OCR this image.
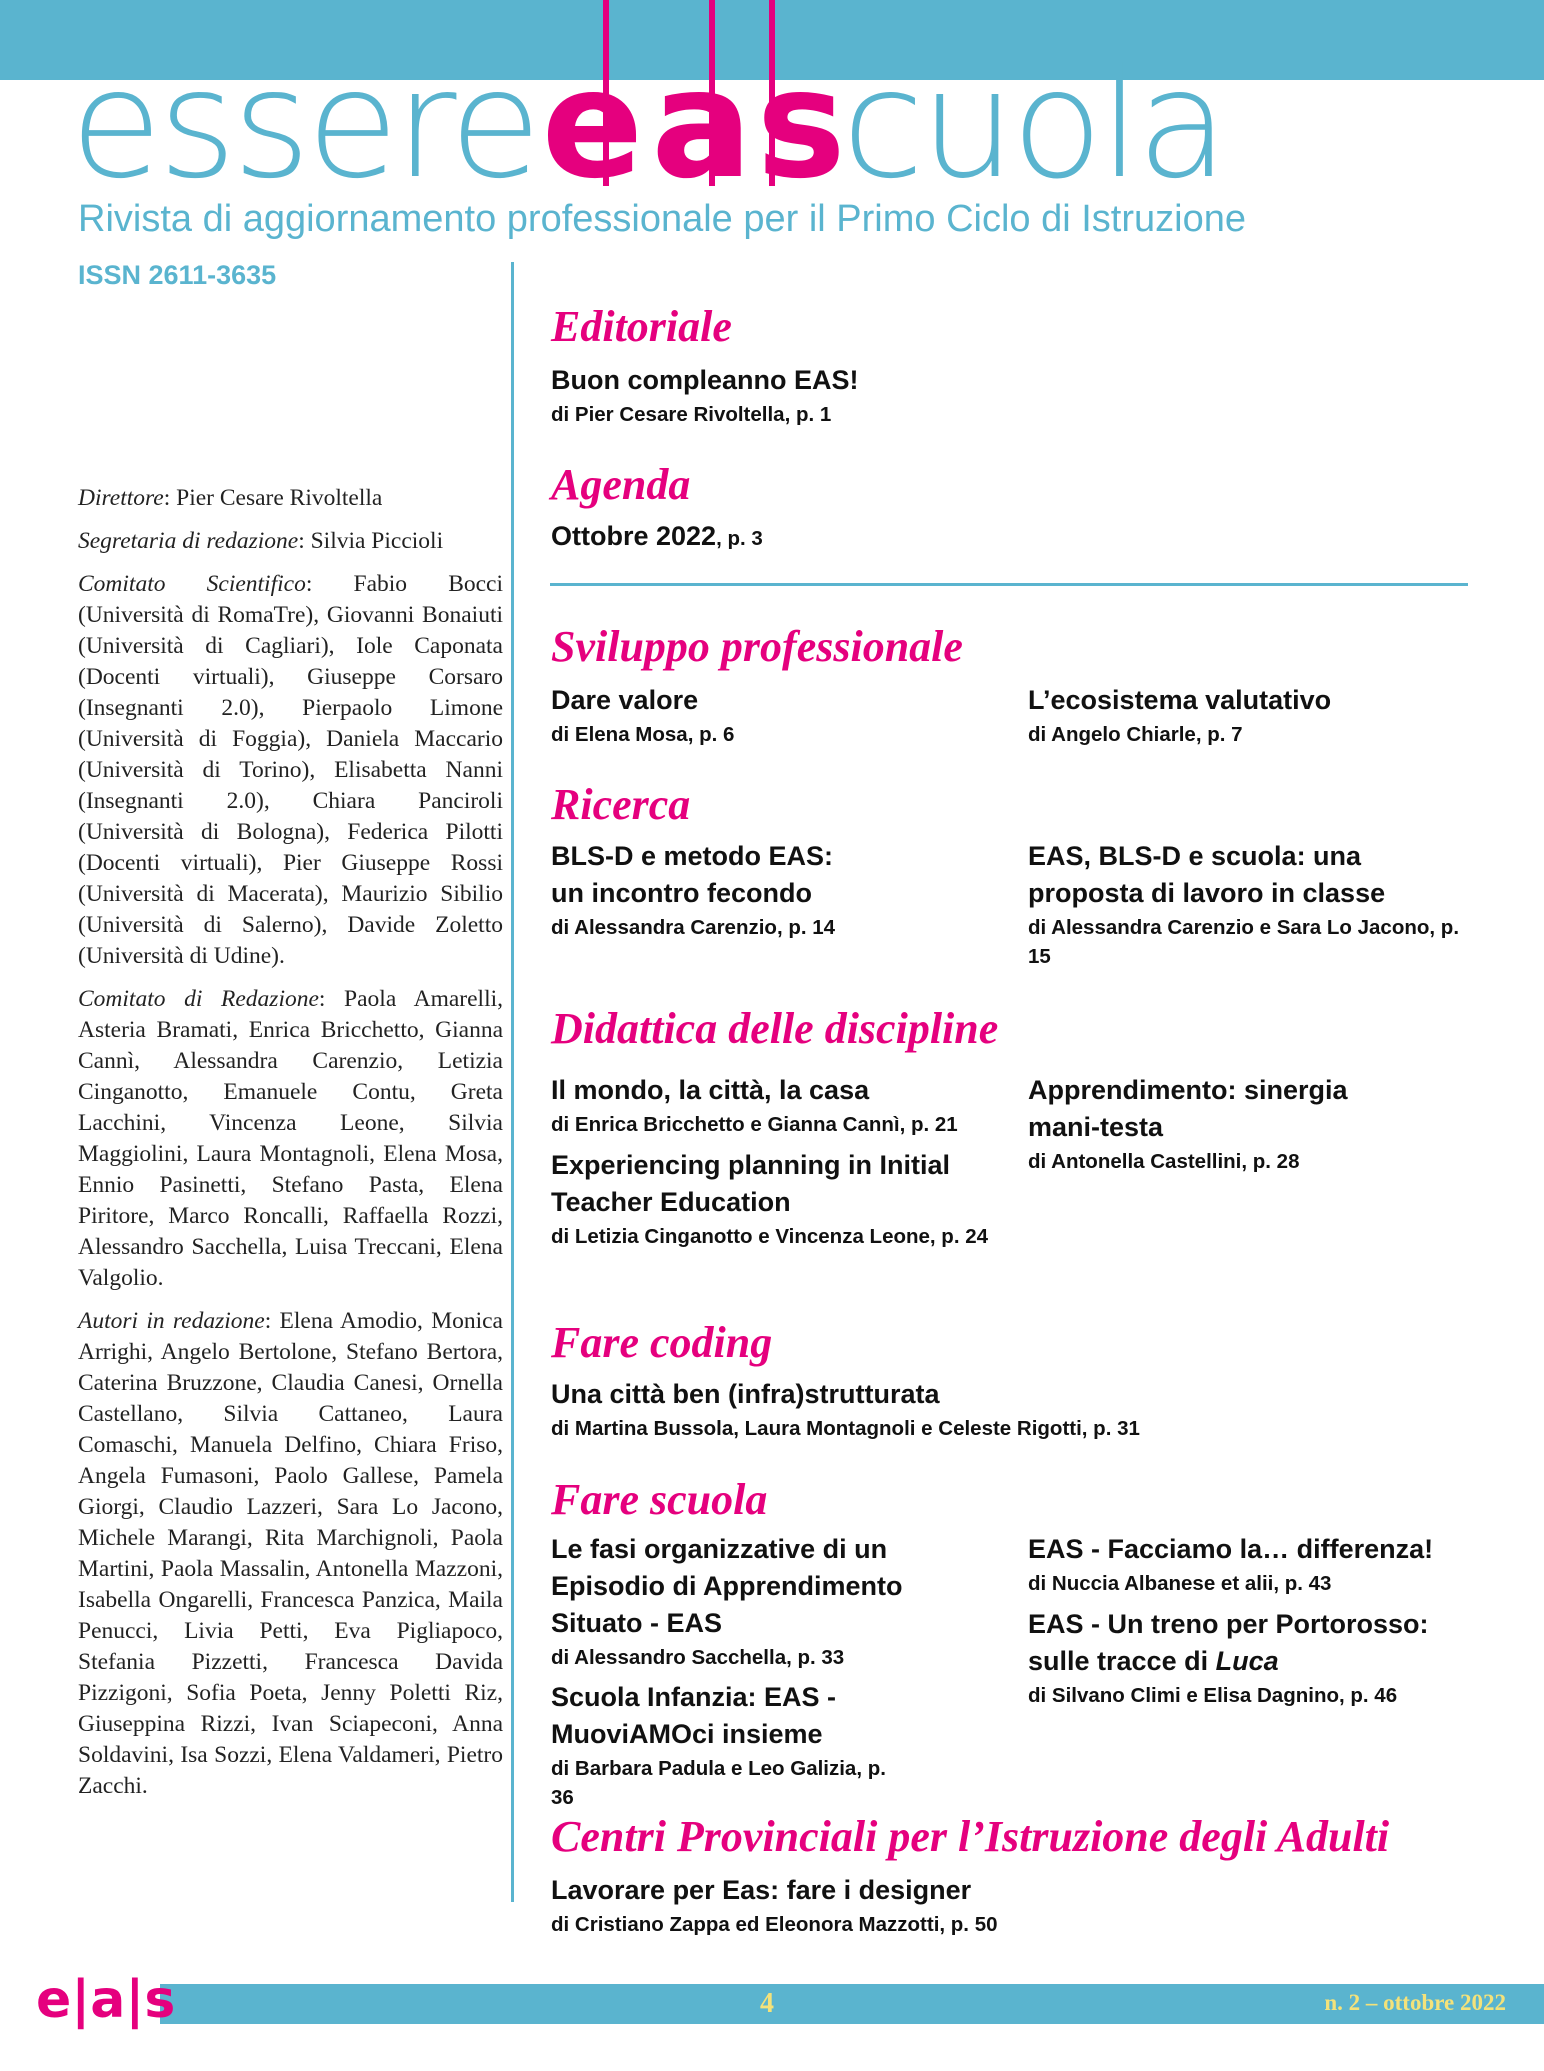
essereeascuola
Rivista di aggiornamento professionale per il Primo Ciclo di Istruzione
ISSN 2611-3635

Direttore: Pier Cesare Rivoltella

Segretaria di redazione: Silvia Piccioli

Comitato Scientifico: Fabio Bocci (Università di RomaTre), Giovanni Bonaiuti (Università di Cagliari), Iole Caponata (Docenti virtuali), Giuseppe Corsaro (Insegnanti 2.0), Pierpaolo Limone (Università di Foggia), Daniela Maccario (Università di Torino), Elisabetta Nanni (Insegnanti 2.0), Chiara Panciroli (Università di Bologna), Federica Pilotti (Docenti virtuali), Pier Giuseppe Rossi (Università di Macerata), Maurizio Sibilio (Università di Salerno), Davide Zoletto (Università di Udine).

Comitato di Redazione: Paola Amarelli, Asteria Bramati, Enrica Bricchetto, Gianna Cannì, Alessandra Carenzio, Letizia Cinganotto, Emanuele Contu, Greta Lacchini, Vincenza Leone, Silvia Maggiolini, Laura Montagnoli, Elena Mosa, Ennio Pasinetti, Stefano Pasta, Elena Piritore, Marco Roncalli, Raffaella Rozzi, Alessandro Sacchella, Luisa Treccani, Elena Valgolio.

Autori in redazione: Elena Amodio, Monica Arrighi, Angelo Bertolone, Stefano Bertora, Caterina Bruzzone, Claudia Canesi, Ornella Castellano, Silvia Cattaneo, Laura Comaschi, Manuela Delfino, Chiara Friso, Angela Fumasoni, Paolo Gallese, Pamela Giorgi, Claudio Lazzeri, Sara Lo Jacono, Michele Marangi, Rita Marchignoli, Paola Martini, Paola Massalin, Antonella Mazzoni, Isabella Ongarelli, Francesca Panzica, Maila Penucci, Livia Petti, Eva Pigliapoco, Stefania Pizzetti, Francesca Davida Pizzigoni, Sofia Poeta, Jenny Poletti Riz, Giuseppina Rizzi, Ivan Sciapeconi, Anna Soldavini, Isa Sozzi, Elena Valdameri, Pietro Zacchi.

Editoriale
Buon compleanno EAS!
di Pier Cesare Rivoltella, p. 1
Agenda
Ottobre 2022, p. 3
Sviluppo professionale
Dare valore
di Elena Mosa, p. 6
L’ecosistema valutativo
di Angelo Chiarle, p. 7
Ricerca
BLS-D e metodo EAS: un incontro fecondo
di Alessandra Carenzio, p. 14
EAS, BLS-D e scuola: una proposta di lavoro in classe
di Alessandra Carenzio e Sara Lo Jacono, p. 15
Didattica delle discipline
Il mondo, la città, la casa
di Enrica Bricchetto e Gianna Cannì, p. 21
Experiencing planning in Initial Teacher Education
di Letizia Cinganotto e Vincenza Leone, p. 24
Apprendimento: sinergia mani-testa
di Antonella Castellini, p. 28
Fare coding
Una città ben (infra)strutturata
di Martina Bussola, Laura Montagnoli e Celeste Rigotti, p. 31
Fare scuola
Le fasi organizzative di un Episodio di Apprendimento Situato - EAS
di Alessandro Sacchella, p. 33
Scuola Infanzia: EAS - MuoviAMOci insieme
di Barbara Padula e Leo Galizia, p. 36
EAS - Facciamo la… differenza!
di Nuccia Albanese et alii, p. 43
EAS - Un treno per Portorosso: sulle tracce di Luca
di Silvano Climi e Elisa Dagnino, p. 46
Centri Provinciali per l’Istruzione degli Adulti
Lavorare per Eas: fare i designer
di Cristiano Zappa ed Eleonora Mazzotti, p. 50
e|a|s	4	n. 2 – ottobre 2022
